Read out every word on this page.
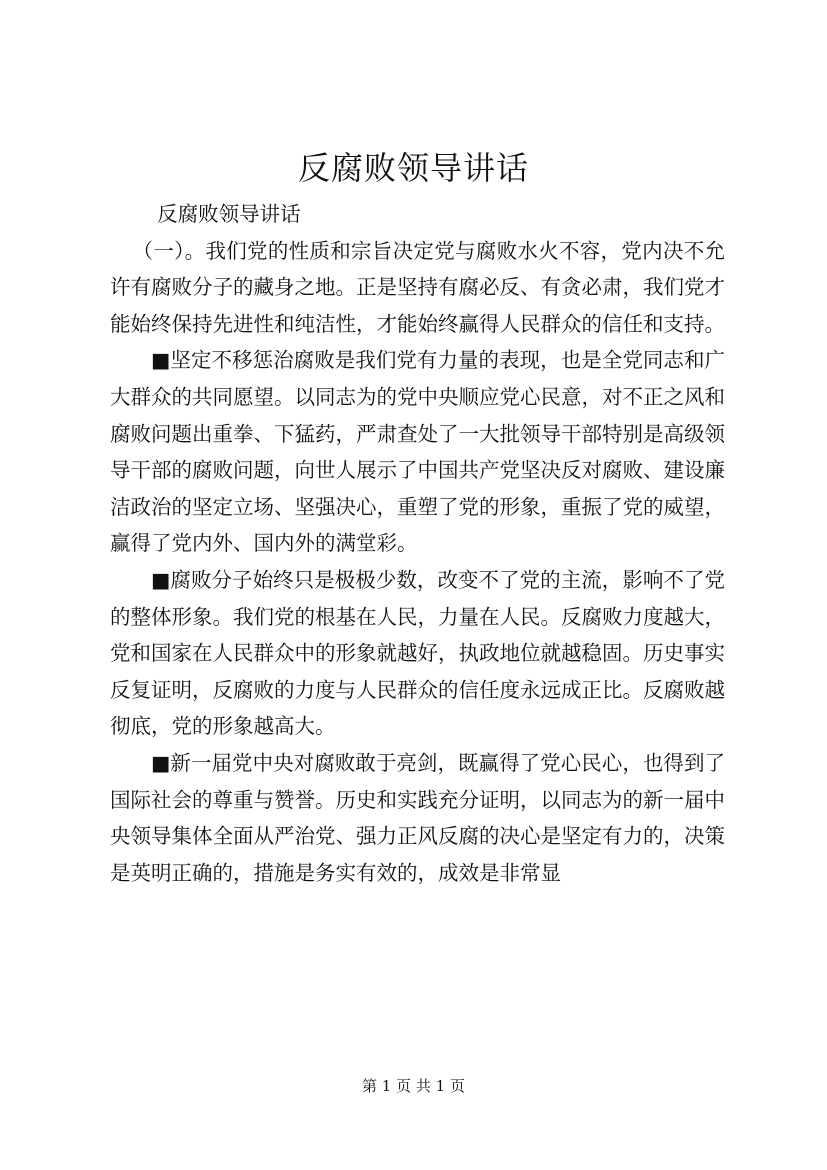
反腐败领导讲话

反腐败领导讲话

（一）。我们党的性质和宗旨决定党与腐败水火不容，党内决不允许有腐败分子的藏身之地。正是坚持有腐必反、有贪必肃，我们党才能始终保持先进性和纯洁性，才能始终赢得人民群众的信任和支持。

■坚定不移惩治腐败是我们党有力量的表现，也是全党同志和广大群众的共同愿望。以同志为的党中央顺应党心民意，对不正之风和腐败问题出重拳、下猛药，严肃查处了一大批领导干部特别是高级领导干部的腐败问题，向世人展示了中国共产党坚决反对腐败、建设廉洁政治的坚定立场、坚强决心，重塑了党的形象，重振了党的威望，赢得了党内外、国内外的满堂彩。

■腐败分子始终只是极极少数，改变不了党的主流，影响不了党的整体形象。我们党的根基在人民，力量在人民。反腐败力度越大，党和国家在人民群众中的形象就越好，执政地位就越稳固。历史事实反复证明，反腐败的力度与人民群众的信任度永远成正比。反腐败越彻底，党的形象越高大。

■新一届党中央对腐败敢于亮剑，既赢得了党心民心，也得到了国际社会的尊重与赞誉。历史和实践充分证明，以同志为的新一届中央领导集体全面从严治党、强力正风反腐的决心是坚定有力的，决策是英明正确的，措施是务实有效的，成效是非常显

第 1 页 共 1 页
